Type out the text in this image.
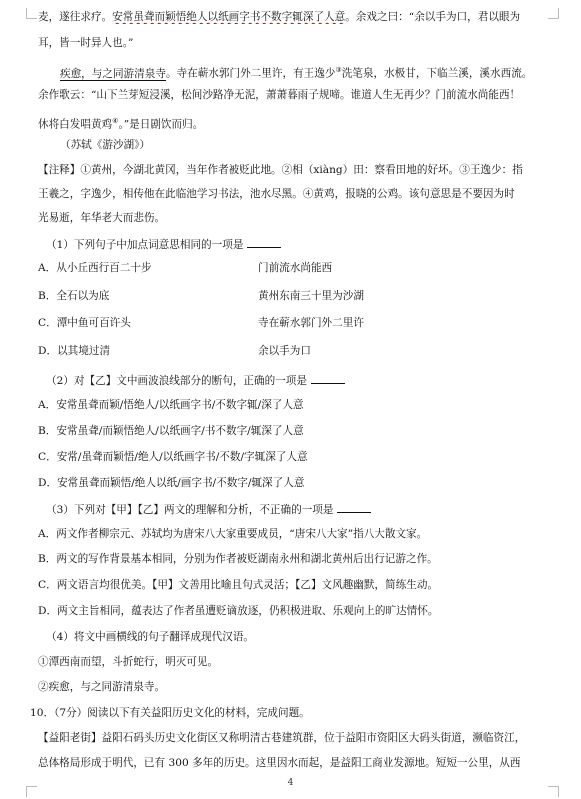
麦，遂往求疗。安常虽聋而颖悟绝人以纸画字书不数字辄深了人意。余戏之曰：“余以手为口，君以眼为
耳，皆一时异人也。”
疾愈，与之同游清泉寺。寺在蕲水郭门外二里许，有王逸少③洗笔泉，水极甘，下临兰溪，溪水西流。
余作歌云：“山下兰芽短浸溪，松间沙路净无泥，萧萧暮雨子规啼。谁道人生无再少？门前流水尚能西！
休将白发唱黄鸡④。”是日剧饮而归。
（苏轼《游沙湖》）
【注释】①黄州，今湖北黄冈，当年作者被贬此地。②相（xiàng）田：察看田地的好坏。③王逸少：指
王羲之，字逸少，相传他在此临池学习书法，池水尽黑。④黄鸡，报晓的公鸡。该句意思是不要因为时
光易逝，年华老大而悲伤。
（1）下列句子中加点词意思相同的一项是
A．从小丘西行百二十步	门前流水尚能西
B．全石以为底	黄州东南三十里为沙湖
C．潭中鱼可百许头	寺在蕲水郭门外二里许
D．以其境过清	余以手为口
（2）对【乙】文中画波浪线部分的断句，正确的一项是
A．安常虽聋而颖/悟绝人/以纸画字书/不数字辄/深了人意
B．安常虽聋/而颖悟绝人/以纸画字/书不数字/辄深了人意
C．安常/虽聋而颖悟/绝人/以纸画字书/不数/字辄深了人意
D．安常虽聋而颖悟/绝人以纸/画字书/不数字/辄深了人意
（3）下列对【甲】【乙】两文的理解和分析，不正确的一项是
A．两文作者柳宗元、苏轼均为唐宋八大家重要成员，“唐宋八大家”指八大散文家。
B．两文的写作背景基本相同，分别为作者被贬湖南永州和湖北黄州后出行记游之作。
C．两文语言均很优美。【甲】文善用比喻且句式灵活；【乙】文风趣幽默，简练生动。
D．两文主旨相同，蕴表达了作者虽遭贬谪放逐，仍积极进取、乐观向上的旷达情怀。
（4）将文中画横线的句子翻译成现代汉语。
①潭西南而望，斗折蛇行，明灭可见。
②疾愈，与之同游清泉寺。
10．（7分）阅读以下有关益阳历史文化的材料，完成问题。
【益阳老街】益阳石码头历史文化街区又称明清古巷建筑群，位于益阳市资阳区大码头街道，濒临资江，
总体格局形成于明代，已有 300 多年的历史。这里因水而起，是益阳工商业发源地。短短一公里，从西
4
